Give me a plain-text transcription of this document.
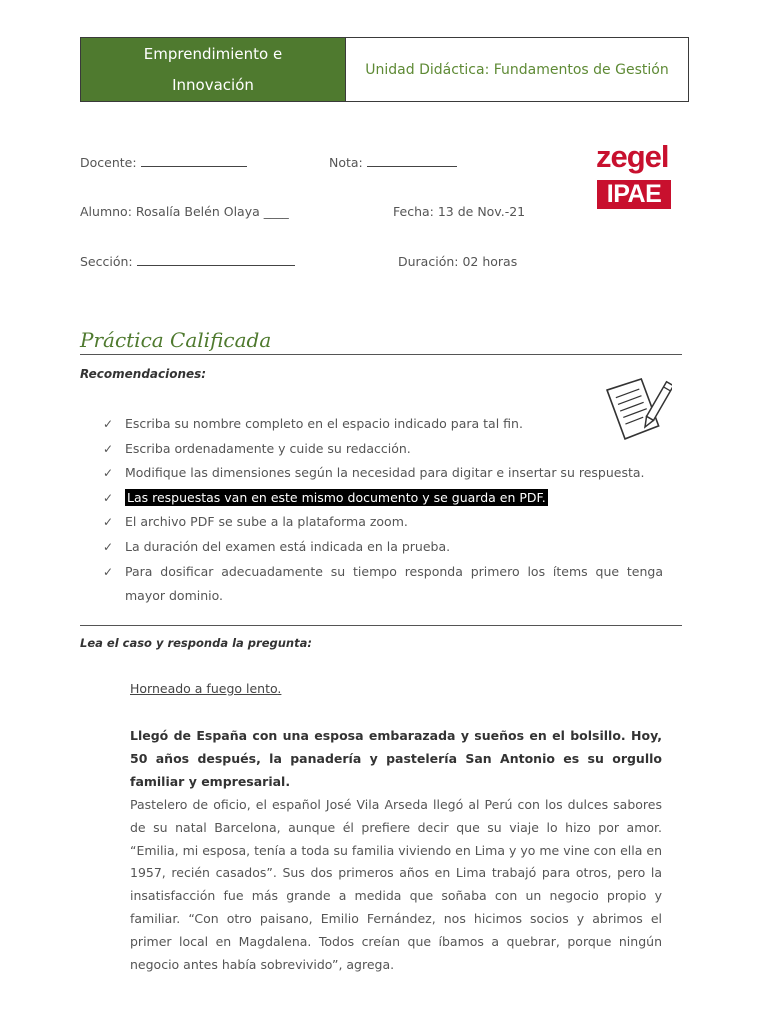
Emprendimiento e
Innovación
Unidad Didáctica: Fundamentos de Gestión
Docente:	Nota:
Alumno: Rosalía Belén Olaya ____	Fecha: 13 de Nov.-21
Sección:	Duración: 02 horas
zegel
IPAE
Práctica Calificada
Recomendaciones:
✓ Escriba su nombre completo en el espacio indicado para tal fin.
✓ Escriba ordenadamente y cuide su redacción.
✓ Modifique las dimensiones según la necesidad para digitar e insertar su respuesta.
✓ Las respuestas van en este mismo documento y se guarda en PDF.
✓ El archivo PDF se sube a la plataforma zoom.
✓ La duración del examen está indicada en la prueba.
✓ Para dosificar adecuadamente su tiempo responda primero los ítems que tenga mayor dominio.
Lea el caso y responda la pregunta:
Horneado a fuego lento.
Llegó de España con una esposa embarazada y sueños en el bolsillo. Hoy, 50 años después, la panadería y pastelería San Antonio es su orgullo familiar y empresarial.
Pastelero de oficio, el español José Vila Arseda llegó al Perú con los dulces sabores de su natal Barcelona, aunque él prefiere decir que su viaje lo hizo por amor. “Emilia, mi esposa, tenía a toda su familia viviendo en Lima y yo me vine con ella en 1957, recién casados”. Sus dos primeros años en Lima trabajó para otros, pero la insatisfacción fue más grande a medida que soñaba con un negocio propio y familiar. “Con otro paisano, Emilio Fernández, nos hicimos socios y abrimos el primer local en Magdalena. Todos creían que íbamos a quebrar, porque ningún negocio antes había sobrevivido”, agrega.
